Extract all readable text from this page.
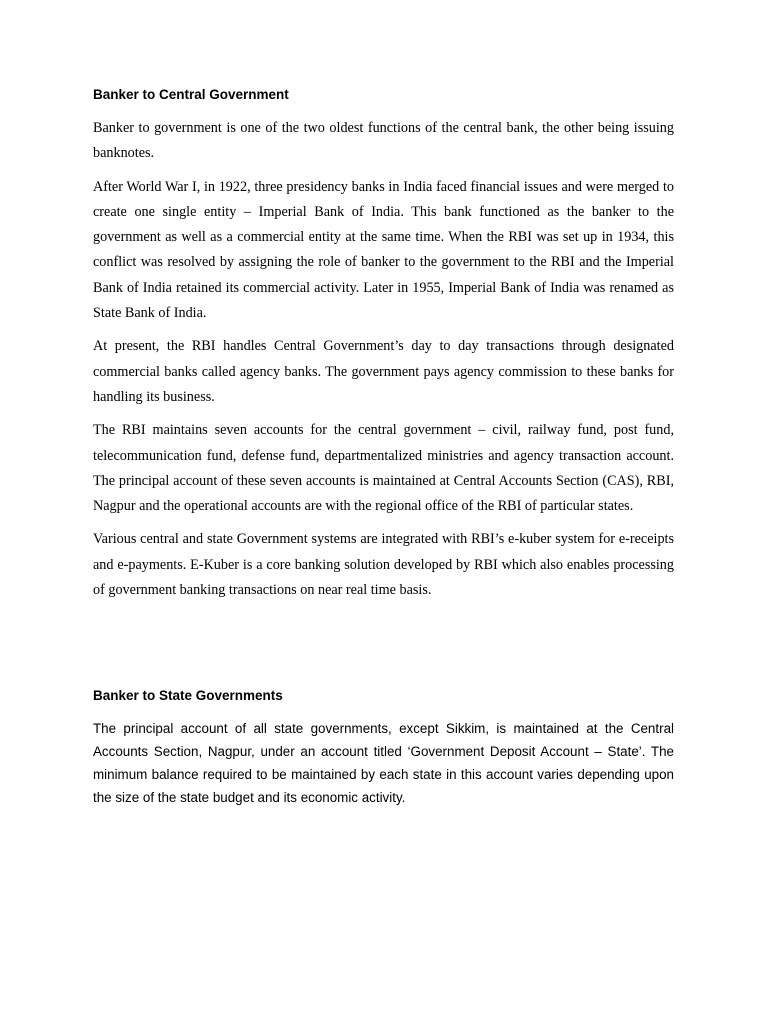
Banker to Central Government

Banker to government is one of the two oldest functions of the central bank, the other being issuing banknotes.

After World War I, in 1922, three presidency banks in India faced financial issues and were merged to create one single entity – Imperial Bank of India. This bank functioned as the banker to the government as well as a commercial entity at the same time. When the RBI was set up in 1934, this conflict was resolved by assigning the role of banker to the government to the RBI and the Imperial Bank of India retained its commercial activity. Later in 1955, Imperial Bank of India was renamed as State Bank of India.

At present, the RBI handles Central Government’s day to day transactions through designated commercial banks called agency banks. The government pays agency commission to these banks for handling its business.

The RBI maintains seven accounts for the central government – civil, railway fund, post fund, telecommunication fund, defense fund, departmentalized ministries and agency transaction account. The principal account of these seven accounts is maintained at Central Accounts Section (CAS), RBI, Nagpur and the operational accounts are with the regional office of the RBI of particular states.

Various central and state Government systems are integrated with RBI’s e-kuber system for e-receipts and e-payments. E-Kuber is a core banking solution developed by RBI which also enables processing of government banking transactions on near real time basis.

Banker to State Governments

The principal account of all state governments, except Sikkim, is maintained at the Central Accounts Section, Nagpur, under an account titled ‘Government Deposit Account – State’. The minimum balance required to be maintained by each state in this account varies depending upon the size of the state budget and its economic activity.
